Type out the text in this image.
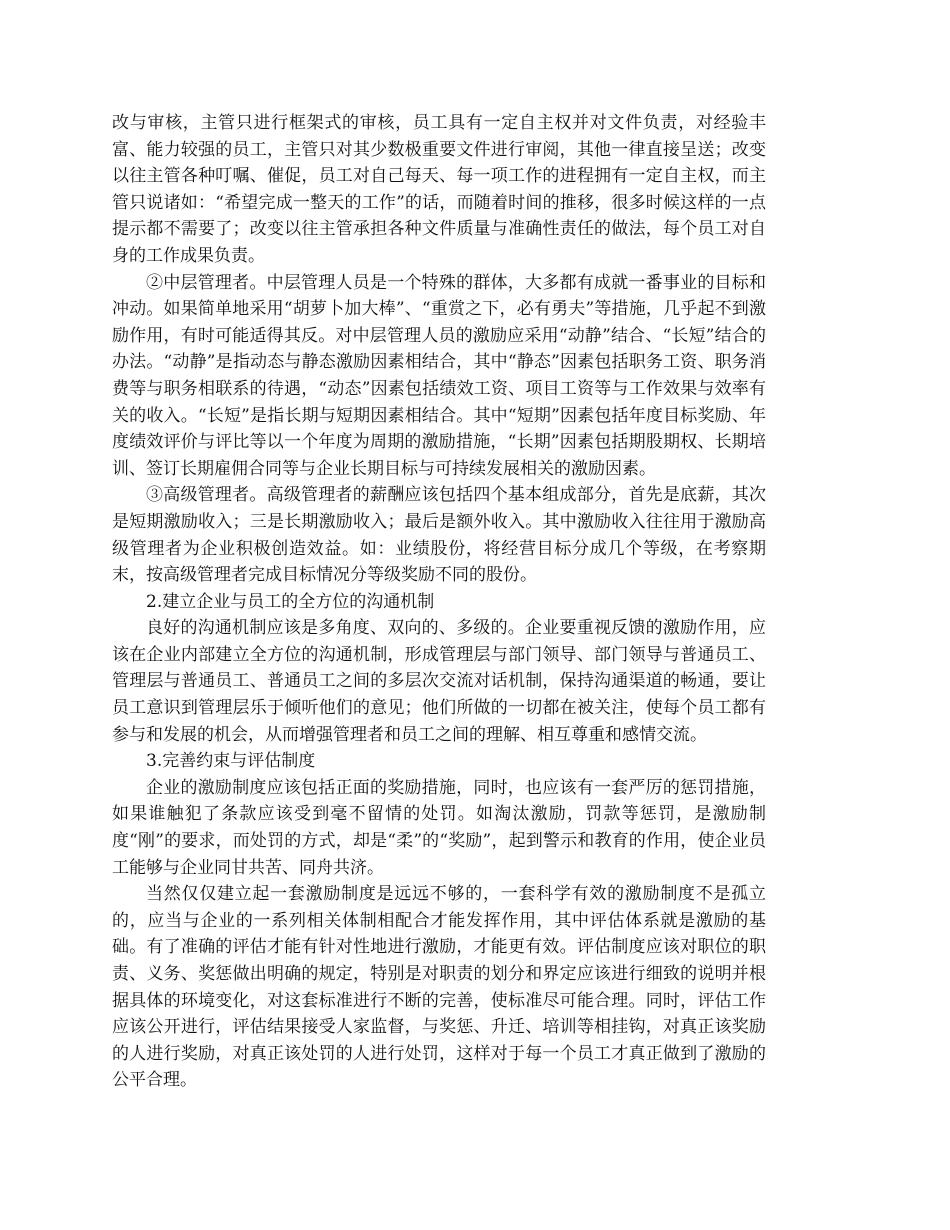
改与审核，主管只进行框架式的审核，员工具有一定自主权并对文件负责，对经验丰富、能力较强的员工，主管只对其少数极重要文件进行审阅，其他一律直接呈送；改变以往主管各种叮嘱、催促，员工对自己每天、每一项工作的进程拥有一定自主权，而主管只说诸如：“希望完成一整天的工作”的话，而随着时间的推移，很多时候这样的一点提示都不需要了；改变以往主管承担各种文件质量与准确性责任的做法，每个员工对自身的工作成果负责。

②中层管理者。中层管理人员是一个特殊的群体，大多都有成就一番事业的目标和冲动。如果简单地采用“胡萝卜加大棒”、“重赏之下，必有勇夫”等措施，几乎起不到激励作用，有时可能适得其反。对中层管理人员的激励应采用“动静”结合、“长短”结合的办法。“动静”是指动态与静态激励因素相结合，其中“静态”因素包括职务工资、职务消费等与职务相联系的待遇，“动态”因素包括绩效工资、项目工资等与工作效果与效率有关的收入。“长短”是指长期与短期因素相结合。其中“短期”因素包括年度目标奖励、年度绩效评价与评比等以一个年度为周期的激励措施，“长期”因素包括期股期权、长期培训、签订长期雇佣合同等与企业长期目标与可持续发展相关的激励因素。

③高级管理者。高级管理者的薪酬应该包括四个基本组成部分，首先是底薪，其次是短期激励收入；三是长期激励收入；最后是额外收入。其中激励收入往往用于激励高级管理者为企业积极创造效益。如：业绩股份，将经营目标分成几个等级，在考察期末，按高级管理者完成目标情况分等级奖励不同的股份。

2.建立企业与员工的全方位的沟通机制

良好的沟通机制应该是多角度、双向的、多级的。企业要重视反馈的激励作用，应该在企业内部建立全方位的沟通机制，形成管理层与部门领导、部门领导与普通员工、管理层与普通员工、普通员工之间的多层次交流对话机制，保持沟通渠道的畅通，要让员工意识到管理层乐于倾听他们的意见；他们所做的一切都在被关注，使每个员工都有参与和发展的机会，从而增强管理者和员工之间的理解、相互尊重和感情交流。

3.完善约束与评估制度

企业的激励制度应该包括正面的奖励措施，同时，也应该有一套严厉的惩罚措施，如果谁触犯了条款应该受到毫不留情的处罚。如淘汰激励，罚款等惩罚，是激励制度“刚”的要求，而处罚的方式，却是“柔”的“奖励”，起到警示和教育的作用，使企业员工能够与企业同甘共苦、同舟共济。

当然仅仅建立起一套激励制度是远远不够的，一套科学有效的激励制度不是孤立的，应当与企业的一系列相关体制相配合才能发挥作用，其中评估体系就是激励的基础。有了准确的评估才能有针对性地进行激励，才能更有效。评估制度应该对职位的职责、义务、奖惩做出明确的规定，特别是对职责的划分和界定应该进行细致的说明并根据具体的环境变化，对这套标准进行不断的完善，使标准尽可能合理。同时，评估工作应该公开进行，评估结果接受人家监督，与奖惩、升迁、培训等相挂钩，对真正该奖励的人进行奖励，对真正该处罚的人进行处罚，这样对于每一个员工才真正做到了激励的公平合理。
